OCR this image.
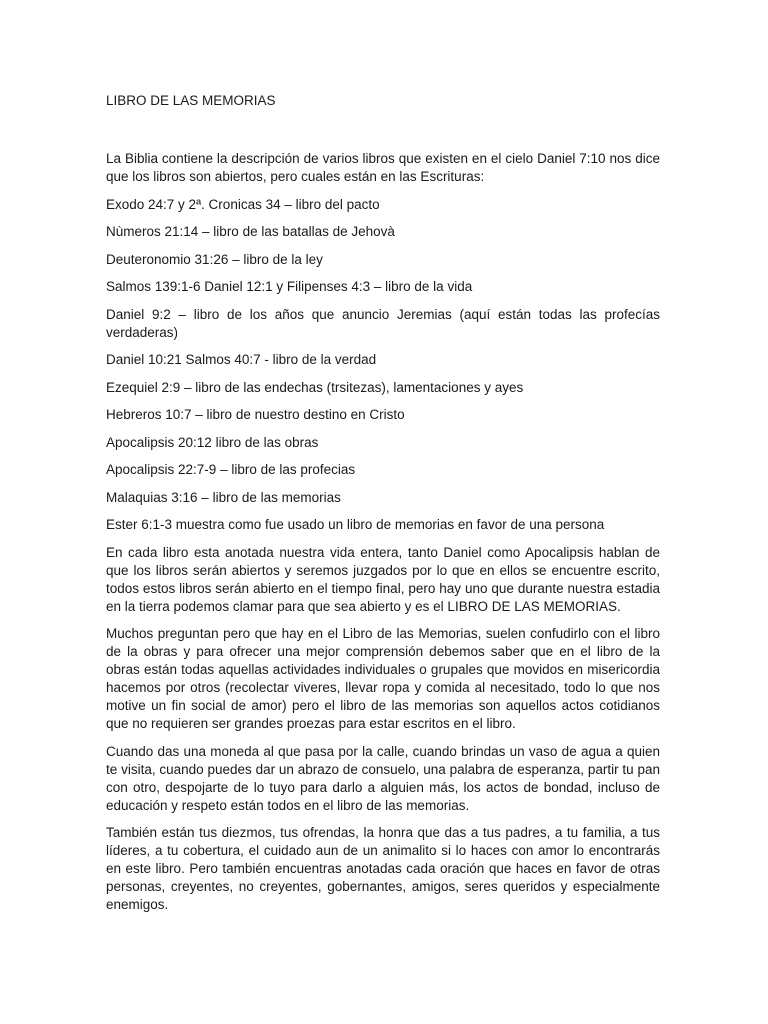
LIBRO DE LAS MEMORIAS

La Biblia contiene la descripción de varios libros que existen en el cielo Daniel 7:10 nos dice que los libros son abiertos, pero cuales están en las Escrituras:

Exodo 24:7 y 2ª. Cronicas 34 – libro del pacto

Nùmeros 21:14 – libro de las batallas de Jehovà

Deuteronomio 31:26 – libro de la ley

Salmos 139:1-6 Daniel 12:1 y Filipenses 4:3 – libro de la vida

Daniel 9:2 – libro de los años que anuncio Jeremias (aquí están todas las profecías verdaderas)

Daniel 10:21 Salmos 40:7 - libro de la verdad

Ezequiel 2:9 – libro de las endechas (trsitezas), lamentaciones y ayes

Hebreros 10:7 – libro de nuestro destino en Cristo

Apocalipsis 20:12 libro de las obras

Apocalipsis 22:7-9 – libro de las profecias

Malaquias 3:16 – libro de las memorias

Ester 6:1-3 muestra como fue usado un libro de memorias en favor de una persona

En cada libro esta anotada nuestra vida entera, tanto Daniel como Apocalipsis hablan de que los libros serán abiertos y seremos juzgados por lo que en ellos se encuentre escrito, todos estos libros serán abierto en el tiempo final, pero hay uno que durante nuestra estadia en la tierra podemos clamar para que sea abierto y es el LIBRO DE LAS MEMORIAS.

Muchos preguntan pero que hay en el Libro de las Memorias, suelen confudirlo con el libro de la obras y para ofrecer una mejor comprensión debemos saber que en el libro de la obras están todas aquellas actividades individuales o grupales que movidos en misericordia hacemos por otros (recolectar viveres, llevar ropa y comida al necesitado, todo lo que nos motive un fin social de amor) pero el libro de las memorias son aquellos actos cotidianos que no requieren ser grandes proezas para estar escritos en el libro.

Cuando das una moneda al que pasa por la calle, cuando brindas un vaso de agua a quien te visita, cuando puedes dar un abrazo de consuelo, una palabra de esperanza, partir tu pan con otro, despojarte de lo tuyo para darlo a alguien más, los actos de bondad, incluso de educación y respeto están todos en el libro de las memorias.

También están tus diezmos, tus ofrendas, la honra que das a tus padres, a tu familia, a tus líderes, a tu cobertura, el cuidado aun de un animalito si lo haces con amor lo encontrarás en este libro. Pero también encuentras anotadas cada oración que haces en favor de otras personas, creyentes, no creyentes, gobernantes, amigos, seres queridos y especialmente enemigos.
